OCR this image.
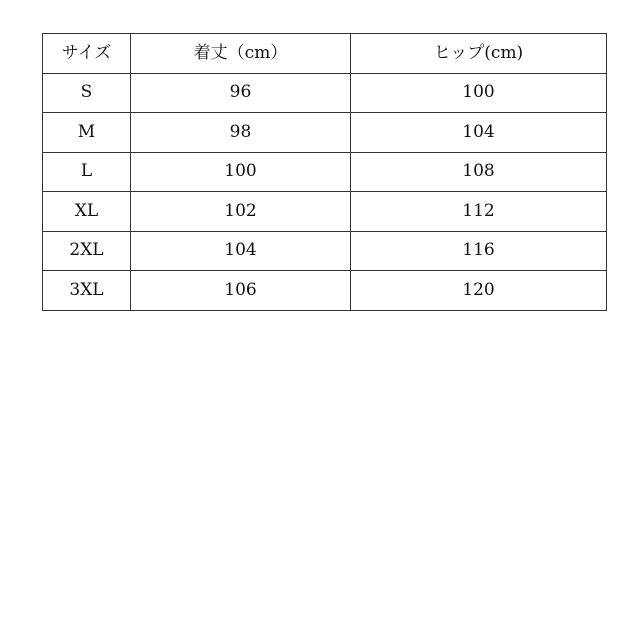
サイズ	着丈（cm）	ヒップ(cm)
S	96	100
M	98	104
L	100	108
XL	102	112
2XL	104	116
3XL	106	120
